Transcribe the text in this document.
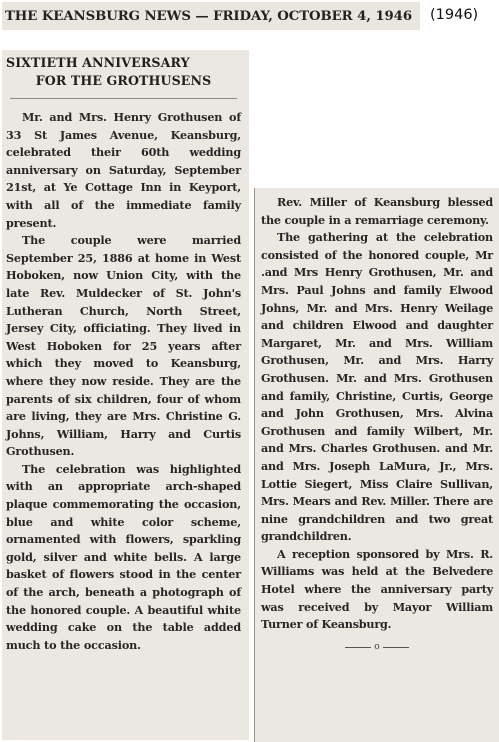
THE KEANSBURG NEWS — FRIDAY, OCTOBER 4, 1946	(1946)
SIXTIETH ANNIVERSARY
FOR THE GROTHUSENS

Mr. and Mrs. Henry Grothusen of 33 St James Avenue, Keansburg, celebrated their 60th wedding anniversary on Saturday, September 21st, at Ye Cottage Inn in Keyport, with all of the immediate family present.

The couple were married September 25, 1886 at home in West Hoboken, now Union City, with the late Rev. Muldecker of St. John's Lutheran Church, North Street, Jersey City, officiating. They lived in West Hoboken for 25 years after which they moved to Keansburg, where they now reside. They are the parents of six children, four of whom are living, they are Mrs. Christine G. Johns, William, Harry and Curtis Grothusen.

The celebration was highlighted with an appropriate arch-shaped plaque commemorating the occasion, blue and white color scheme, ornamented with flowers, sparkling gold, silver and white bells. A large basket of flowers stood in the center of the arch, beneath a photograph of the honored couple. A beautiful white wedding cake on the table added much to the occasion.

Rev. Miller of Keansburg blessed the couple in a remarriage ceremony.

The gathering at the celebration consisted of the honored couple, Mr .and Mrs Henry Grothusen, Mr. and Mrs. Paul Johns and family Elwood Johns, Mr. and Mrs. Henry Weilage and children Elwood and daughter Margaret, Mr. and Mrs. William Grothusen, Mr. and Mrs. Harry Grothusen. Mr. and Mrs. Grothusen and family, Christine, Curtis, George and John Grothusen, Mrs. Alvina Grothusen and family Wilbert, Mr. and Mrs. Charles Grothusen. and Mr. and Mrs. Joseph LaMura, Jr., Mrs. Lottie Siegert, Miss Claire Sullivan, Mrs. Mears and Rev. Miller. There are nine grandchildren and two great grandchildren.

A reception sponsored by Mrs. R. Williams was held at the Belvedere Hotel where the anniversary party was received by Mayor William Turner of Keansburg.

o
